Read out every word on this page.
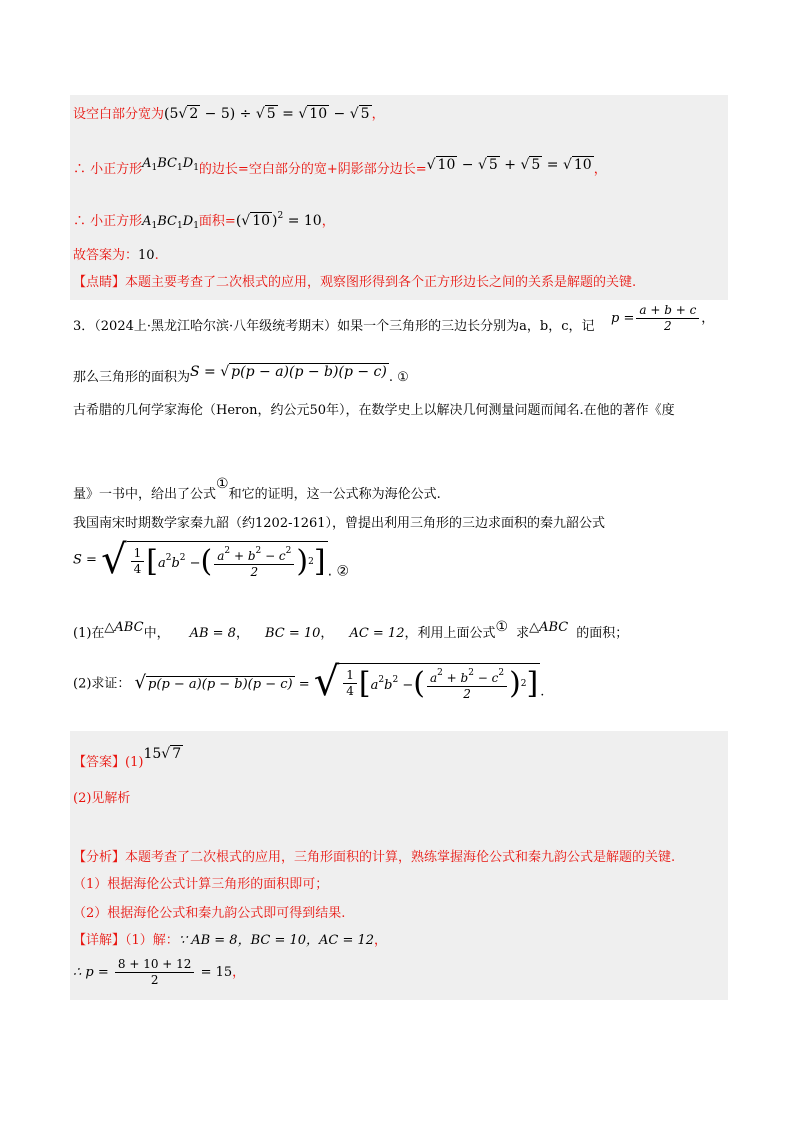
设空白部分宽为(5√ 2 − 5) ÷ √ 5 = √ 10 − √ 5 ，
∴ 小正方形$A_1BC_1D_1$的边长=空白部分的宽+阴影部分边长=√ 10 − √ 5 + √ 5 = √ 10 ，
∴ 小正方形$A_1BC_1D_1$面积=(√ 10 )$^2$ = 10，
故答案为：10.
【点睛】本题主要考查了二次根式的应用，观察图形得到各个正方形边长之间的关系是解题的关键.
3．（2024上·黑龙江哈尔滨·八年级统考期末）如果一个三角形的三边长分别为a，b，c，记
$p = \frac{a + b + c}{2}$ ，
那么三角形的面积为S = √ p(p − a)(p − b)(p − c) . ①
古希腊的几何学家海伦（Heron，约公元50年），在数学史上以解决几何测量问题而闻名.在他的著作《度
量》一书中，给出了公式①和它的证明，这一公式称为海伦公式.
我国南宋时期数学家秦九韶（约1202-1261），曾提出利用三角形的三边求面积的秦九韶公式
S = √ $\frac{1}{4}$ [ $a^2b^2$ − ( $\frac{a^2 + b^2 - c^2}{2}$ ) 2 ] . ②
(1)在△ABC中， AB = 8， BC = 10， AC = 12，利用上面公式① 求△ABC 的面积；
(2)求证： √ p(p − a)(p − b)(p − c) = √ $\frac{1}{4}$ [ $a^2b^2$ − ( $\frac{a^2 + b^2 - c^2}{2}$ ) 2 ] .
【答案】(1)15√ 7
(2)见解析
【分析】本题考查了二次根式的应用，三角形面积的计算，熟练掌握海伦公式和秦九韵公式是解题的关键.
（1）根据海伦公式计算三角形的面积即可；
（2）根据海伦公式和秦九韵公式即可得到结果.
【详解】（1）解：∵ AB = 8，BC = 10，AC = 12，
∴ $p = \frac{8 + 10 + 12}{2} = 15$，
